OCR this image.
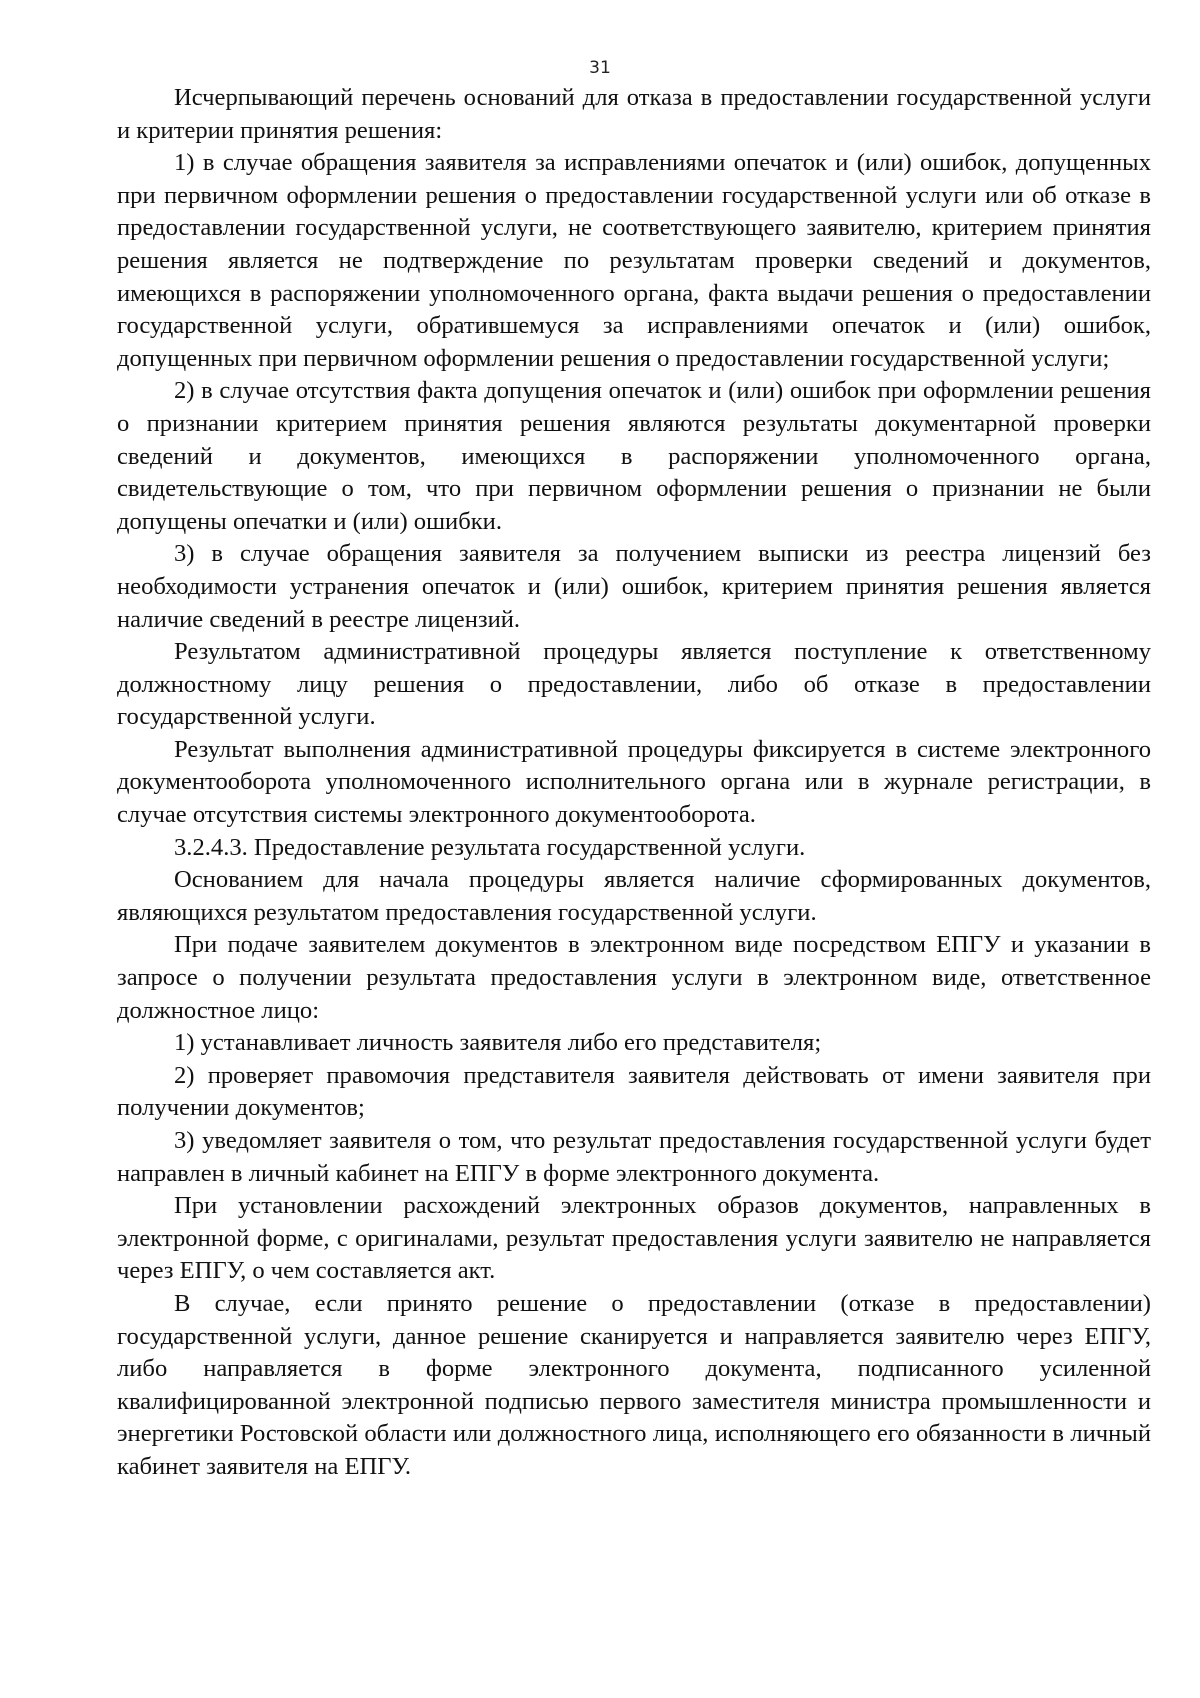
31

Исчерпывающий перечень оснований для отказа в предоставлении государственной услуги и критерии принятия решения:

1) в случае обращения заявителя за исправлениями опечаток и (или) ошибок, допущенных при первичном оформлении решения о предоставлении государственной услуги или об отказе в предоставлении государственной услуги, не соответствующего заявителю, критерием принятия решения является не подтверждение по результатам проверки сведений и документов, имеющихся в распоряжении уполномоченного органа, факта выдачи решения о предоставлении государственной услуги, обратившемуся за исправлениями опечаток и (или) ошибок, допущенных при первичном оформлении решения о предоставлении государственной услуги;

2) в случае отсутствия факта допущения опечаток и (или) ошибок при оформлении решения о признании критерием принятия решения являются результаты документарной проверки сведений и документов, имеющихся в распоряжении уполномоченного органа, свидетельствующие о том, что при первичном оформлении решения о признании не были допущены опечатки и (или) ошибки.

3) в случае обращения заявителя за получением выписки из реестра лицензий без необходимости устранения опечаток и (или) ошибок, критерием принятия решения является наличие сведений в реестре лицензий.

Результатом административной процедуры является поступление к ответственному должностному лицу решения о предоставлении, либо об отказе в предоставлении государственной услуги.

Результат выполнения административной процедуры фиксируется в системе электронного документооборота уполномоченного исполнительного органа или в журнале регистрации, в случае отсутствия системы электронного документооборота.

3.2.4.3. Предоставление результата государственной услуги.

Основанием для начала процедуры является наличие сформированных документов, являющихся результатом предоставления государственной услуги.

При подаче заявителем документов в электронном виде посредством ЕПГУ и указании в запросе о получении результата предоставления услуги в электронном виде, ответственное должностное лицо:

1) устанавливает личность заявителя либо его представителя;

2) проверяет правомочия представителя заявителя действовать от имени заявителя при получении документов;

3) уведомляет заявителя о том, что результат предоставления государственной услуги будет направлен в личный кабинет на ЕПГУ в форме электронного документа.

При установлении расхождений электронных образов документов, направленных в электронной форме, с оригиналами, результат предоставления услуги заявителю не направляется через ЕПГУ, о чем составляется акт.

В случае, если принято решение о предоставлении (отказе в предоставлении) государственной услуги, данное решение сканируется и направляется заявителю через ЕПГУ, либо направляется в форме электронного документа, подписанного усиленной квалифицированной электронной подписью первого заместителя министра промышленности и энергетики Ростовской области или должностного лица, исполняющего его обязанности в личный кабинет заявителя на ЕПГУ.
